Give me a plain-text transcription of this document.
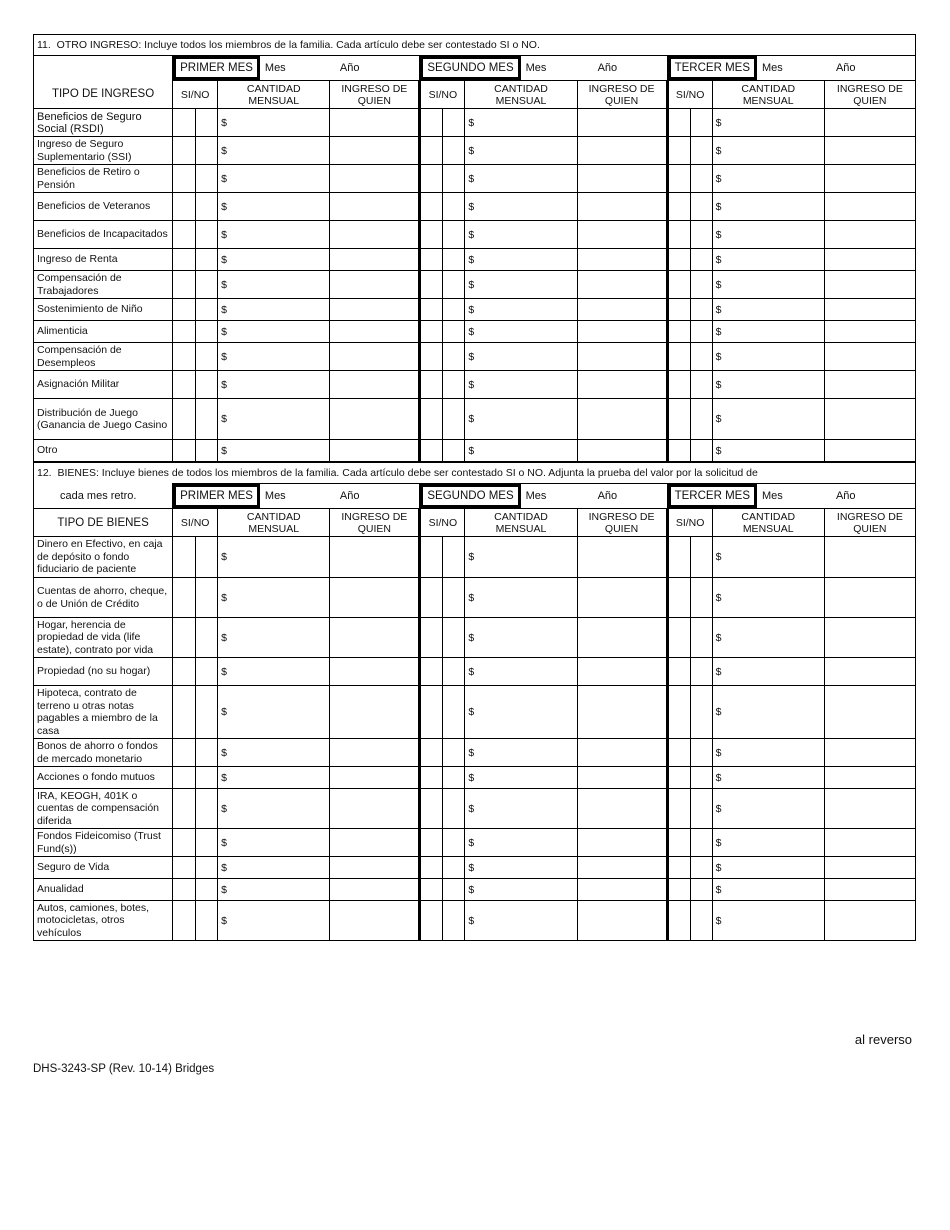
11. OTRO INGRESO: Incluye todos los miembros de la familia. Cada artículo debe ser contestado SI o NO.												
	PRIMER MES Mes Año				SEGUNDO MES Mes Año				TERCER MES Mes Año			
TIPO DE INGRESO	SI/NO		CANTIDAD MENSUAL	INGRESO DE QUIEN	SI/NO		CANTIDAD MENSUAL	INGRESO DE QUIEN	SI/NO		CANTIDAD MENSUAL	INGRESO DE QUIEN
Beneficios de Seguro Social (RSDI)			$				$				$	
Ingreso de Seguro Suplementario (SSI)			$				$				$	
Beneficios de Retiro o Pensión			$				$				$	
Beneficios de Veteranos			$				$				$	
Beneficios de Incapacitados			$				$				$	
Ingreso de Renta			$				$				$	
Compensación de Trabajadores			$				$				$	
Sostenimiento de Niño			$				$				$	
Alimenticia			$				$				$	
Compensación de Desempleos			$				$				$	
Asignación Militar			$				$				$	
Distribución de Juego (Ganancia de Juego Casino			$				$				$	
Otro			$				$				$	
12. BIENES: Incluye bienes de todos los miembros de la familia. Cada artículo debe ser contestado SI o NO. Adjunta la prueba del valor por la solicitud de												
cada mes retro.	PRIMER MES Mes Año				SEGUNDO MES Mes Año				TERCER MES Mes Año			
TIPO DE BIENES	SI/NO		CANTIDAD MENSUAL	INGRESO DE QUIEN	SI/NO		CANTIDAD MENSUAL	INGRESO DE QUIEN	SI/NO		CANTIDAD MENSUAL	INGRESO DE QUIEN
Dinero en Efectivo, en caja de depósito o fondo fiduciario de paciente			$				$				$	
Cuentas de ahorro, cheque, o de Unión de Crédito			$				$				$	
Hogar, herencia de propiedad de vida (life estate), contrato por vida			$				$				$	
Propiedad (no su hogar)			$				$				$	
Hipoteca, contrato de terreno u otras notas pagables a miembro de la casa			$				$				$	
Bonos de ahorro o fondos de mercado monetario			$				$				$	
Acciones o fondo mutuos			$				$				$	
IRA, KEOGH, 401K o cuentas de compensación diferida			$				$				$	
Fondos Fideicomiso (Trust Fund(s))			$				$				$	
Seguro de Vida			$				$				$	
Anualidad			$				$				$	
Autos, camiones, botes, motocicletas, otros vehículos			$				$				$	
al reverso
DHS-3243-SP (Rev. 10-14) Bridges
